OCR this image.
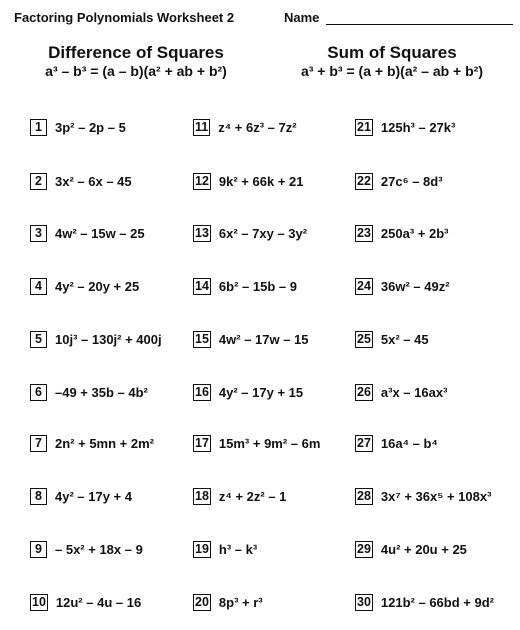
Factoring Polynomials Worksheet 2	Name
Difference of Squares
a³ – b³ = (a – b)(a² + ab + b²)
Sum of Squares
a³ + b³ = (a + b)(a² – ab + b²)
1	3p² – 2p – 5
2	3x² – 6x – 45
3	4w² – 15w – 25
4	4y² – 20y + 25
5	10j³ – 130j² + 400j
6	–49 + 35b – 4b²
7	2n² + 5mn + 2m²
8	4y² – 17y + 4
9	– 5x² + 18x – 9
10 12u² – 4u – 16
11 z⁴ + 6z³ – 7z²
12 9k² + 66k + 21
13 6x² – 7xy – 3y²
14 6b² – 15b – 9
15 4w² – 17w – 15
16 4y² – 17y + 15
17 15m³ + 9m² – 6m
18 z⁴ + 2z² – 1
19 h³ – k³
20 8p³ + r³
21 125h³ – 27k³
22 27c⁶ – 8d³
23 250a³ + 2b³
24 36w² – 49z²
25 5x² – 45
26 a³x – 16ax³
27 16a⁴ – b⁴
28 3x⁷ + 36x⁵ + 108x³
29 4u² + 20u + 25
30 121b² – 66bd + 9d²
